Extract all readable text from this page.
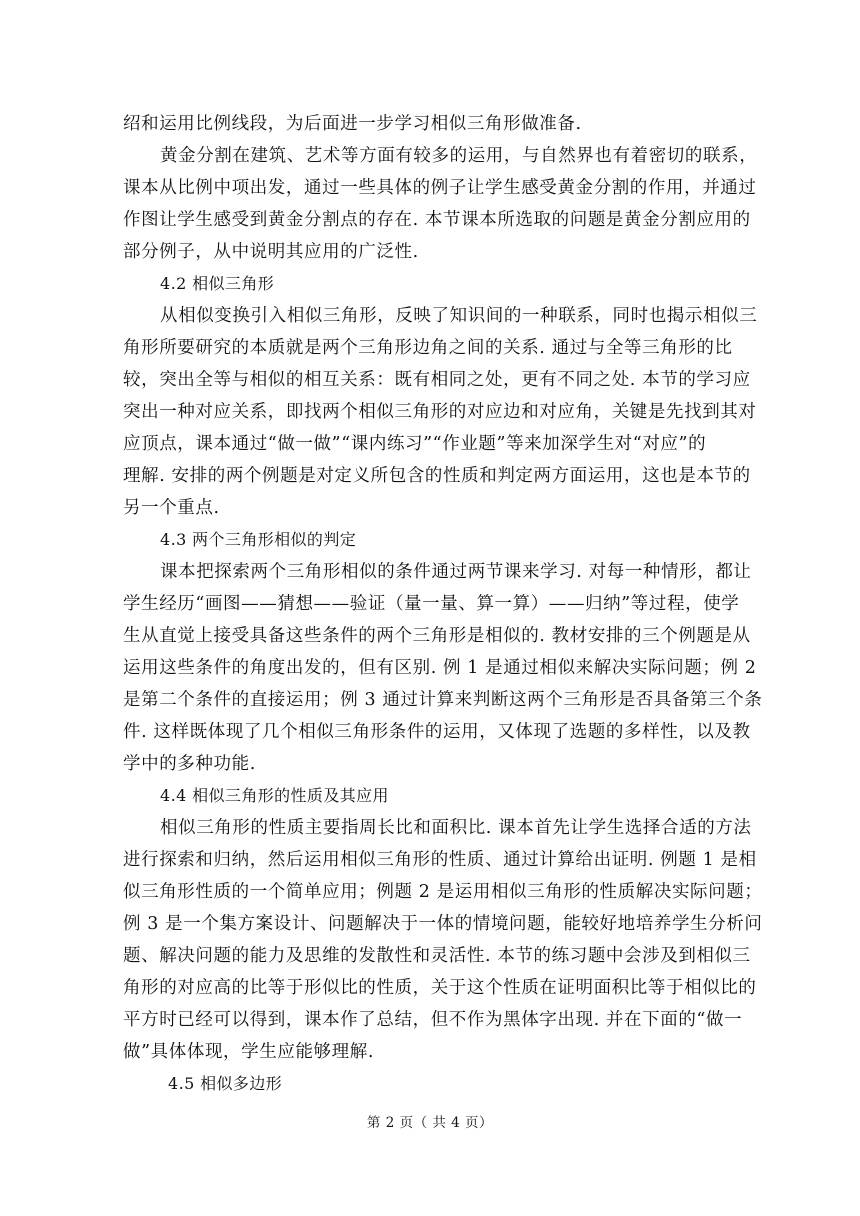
绍和运用比例线段，为后面进一步学习相似三角形做准备.
黄金分割在建筑、艺术等方面有较多的运用，与自然界也有着密切的联系，
课本从比例中项出发，通过一些具体的例子让学生感受黄金分割的作用，并通过
作图让学生感受到黄金分割点的存在. 本节课本所选取的问题是黄金分割应用的
部分例子，从中说明其应用的广泛性.
4.2 相似三角形
从相似变换引入相似三角形，反映了知识间的一种联系，同时也揭示相似三
角形所要研究的本质就是两个三角形边角之间的关系. 通过与全等三角形的比
较，突出全等与相似的相互关系：既有相同之处，更有不同之处. 本节的学习应
突出一种对应关系，即找两个相似三角形的对应边和对应角，关键是先找到其对
应顶点，课本通过“做一做”“课内练习”“作业题”等来加深学生对“对应”的
理解. 安排的两个例题是对定义所包含的性质和判定两方面运用，这也是本节的
另一个重点.
4.3 两个三角形相似的判定
课本把探索两个三角形相似的条件通过两节课来学习. 对每一种情形，都让
学生经历“画图——猜想——验证（量一量、算一算）——归纳”等过程，使学
生从直觉上接受具备这些条件的两个三角形是相似的. 教材安排的三个例题是从
运用这些条件的角度出发的，但有区别. 例 1 是通过相似来解决实际问题；例 2
是第二个条件的直接运用；例 3 通过计算来判断这两个三角形是否具备第三个条
件. 这样既体现了几个相似三角形条件的运用，又体现了选题的多样性，以及教
学中的多种功能.
4.4 相似三角形的性质及其应用
相似三角形的性质主要指周长比和面积比. 课本首先让学生选择合适的方法
进行探索和归纳，然后运用相似三角形的性质、通过计算给出证明. 例题 1 是相
似三角形性质的一个简单应用；例题 2 是运用相似三角形的性质解决实际问题；
例 3 是一个集方案设计、问题解决于一体的情境问题，能较好地培养学生分析问
题、解决问题的能力及思维的发散性和灵活性. 本节的练习题中会涉及到相似三
角形的对应高的比等于形似比的性质，关于这个性质在证明面积比等于相似比的
平方时已经可以得到，课本作了总结，但不作为黑体字出现. 并在下面的“做一
做”具体体现，学生应能够理解.
4.5 相似多边形
第 2 页（ 共 4 页）
